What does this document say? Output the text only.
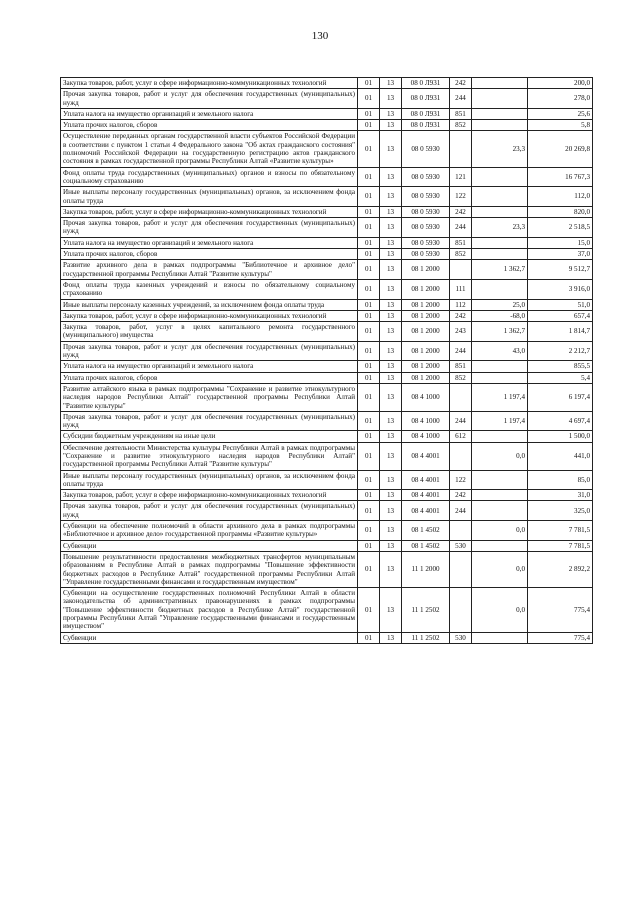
130
Закупка товаров, работ, услуг в сфере информационно-коммуникационных технологий	01	13	08 0 Л931	242		200,0
Прочая закупка товаров, работ и услуг для обеспечения государственных (муниципальных) нужд	01	13	08 0 Л931	244		278,0
Уплата налога на имущество организаций и земельного налога	01	13	08 0 Л931	851		25,6
Уплата прочих налогов, сборов	01	13	08 0 Л931	852		5,8
Осуществление переданных органам государственной власти субъектов Российской Федерации в соответствии с пунктом 1 статьи 4 Федерального закона "Об актах гражданского состояния" полномочий Российской Федерации на государственную регистрацию актов гражданского состояния в рамках государственной программы Республики Алтай «Развитие культуры»	01	13	08 0 5930		23,3	20 269,8
Фонд оплаты труда государственных (муниципальных) органов и взносы по обязательному социальному страхованию	01	13	08 0 5930	121		16 767,3
Иные выплаты персоналу государственных (муниципальных) органов, за исключением фонда оплаты труда	01	13	08 0 5930	122		112,0
Закупка товаров, работ, услуг в сфере информационно-коммуникационных технологий	01	13	08 0 5930	242		820,0
Прочая закупка товаров, работ и услуг для обеспечения государственных (муниципальных) нужд	01	13	08 0 5930	244	23,3	2 518,5
Уплата налога на имущество организаций и земельного налога	01	13	08 0 5930	851		15,0
Уплата прочих налогов, сборов	01	13	08 0 5930	852		37,0
Развитие архивного дела в рамках подпрограммы "Библиотечное и архивное дело" государственной программы Республики Алтай "Развитие культуры"	01	13	08 1 2000		1 362,7	9 512,7
Фонд оплаты труда казенных учреждений и взносы по обязательному социальному страхованию	01	13	08 1 2000	111		3 916,0
Иные выплаты персоналу казенных учреждений, за исключением фонда оплаты труда	01	13	08 1 2000	112	25,0	51,0
Закупка товаров, работ, услуг в сфере информационно-коммуникационных технологий	01	13	08 1 2000	242	-68,0	657,4
Закупка товаров, работ, услуг в целях капитального ремонта государственного (муниципального) имущества	01	13	08 1 2000	243	1 362,7	1 814,7
Прочая закупка товаров, работ и услуг для обеспечения государственных (муниципальных) нужд	01	13	08 1 2000	244	43,0	2 212,7
Уплата налога на имущество организаций и земельного налога	01	13	08 1 2000	851		855,5
Уплата прочих налогов, сборов	01	13	08 1 2000	852		5,4
Развитие алтайского языка в рамках подпрограммы "Сохранение и развитие этнокультурного наследия народов Республики Алтай" государственной программы Республики Алтай "Развитие культуры"	01	13	08 4 1000		1 197,4	6 197,4
Прочая закупка товаров, работ и услуг для обеспечения государственных (муниципальных) нужд	01	13	08 4 1000	244	1 197,4	4 697,4
Субсидии бюджетным учреждениям на иные цели	01	13	08 4 1000	612		1 500,0
Обеспечение деятельности Министерства культуры Республики Алтай в рамках подпрограммы "Сохранение и развитие этнокультурного наследия народов Республики Алтай" государственной программы Республики Алтай "Развитие культуры"	01	13	08 4 4001		0,0	441,0
Иные выплаты персоналу государственных (муниципальных) органов, за исключением фонда оплаты труда	01	13	08 4 4001	122		85,0
Закупка товаров, работ, услуг в сфере информационно-коммуникационных технологий	01	13	08 4 4001	242		31,0
Прочая закупка товаров, работ и услуг для обеспечения государственных (муниципальных) нужд	01	13	08 4 4001	244		325,0
Субвенции на обеспечение полномочий в области архивного дела в рамках подпрограммы «Библиотечное и архивное дело» государственной программы «Развитие культуры»	01	13	08 1 4502		0,0	7 781,5
Субвенции	01	13	08 1 4502	530		7 781,5
Повышение результативности предоставления межбюджетных трансфертов муниципальным образованиям в Республике Алтай в рамках подпрограммы "Повышение эффективности бюджетных расходов в Республике Алтай" государственной программы Республики Алтай "Управление государственными финансами и государственным имуществом"	01	13	11 1 2000		0,0	2 892,2
Субвенции на осуществление государственных полномочий Республики Алтай в области законодательства об административных правонарушениях в рамках подпрограммы "Повышение эффективности бюджетных расходов в Республике Алтай" государственной программы Республики Алтай "Управление государственными финансами и государственным имуществом"	01	13	11 1 2502		0,0	775,4
Субвенции	01	13	11 1 2502	530		775,4
